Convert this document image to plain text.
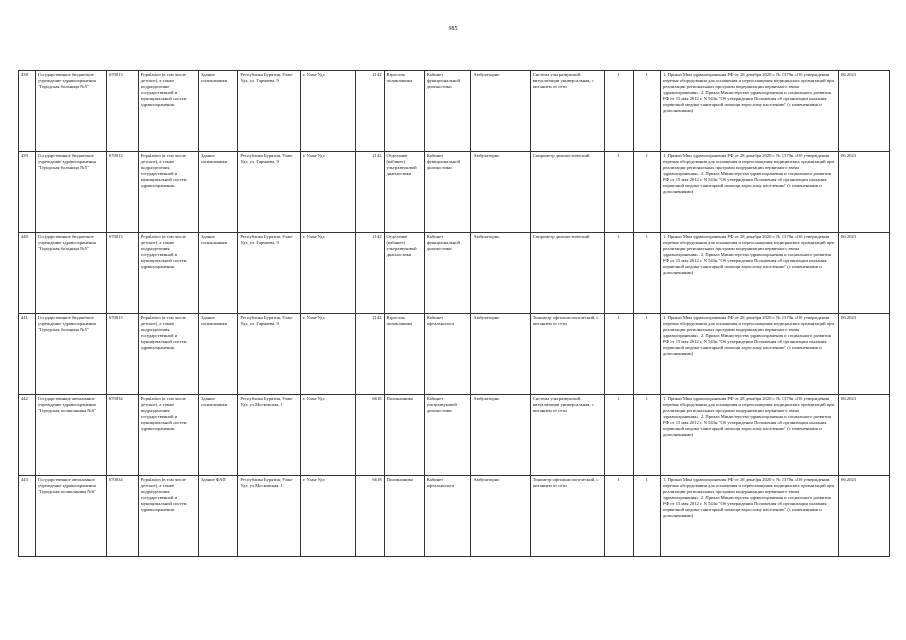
985
438	Государственное бюджетное учреждение здравоохранения "Городская больница №5"	670013	Population (в том числе детское), а также подразделение государственной и муниципальной систем здравоохранения.	Здание поликлиники	Республика Бурятия, Улан-Удэ, ул. Гармаева, 9	г. Улан-Удэ	2142	Взрослая поликлиника	Кабинет функциональной диагностики	Амбулаторно	Система ультразвуковой визуализации универсальная, с питанием от сети	1	1	1. Приказ Мин здравоохранения РФ от 28 декабря 2020 г. № 1379н «Об утверждении перечня оборудования для оснащения и переоснащения медицинских организаций при реализации региональных программ модернизации первичного звена здравоохранения». 2. Приказ Министерства здравоохранения и социального развития РФ от 15 мая 2012 г. N 543н "Об утверждении Положения об организации оказания первичной медико-санитарной помощи взрослому населению" (с изменениями и дополнениями)	06.2023
439	Государственное бюджетное учреждение здравоохранения "Городская больница №5"	670013	Population (в том числе детское), а также подразделения государственной и муниципальной систем здравоохранения.	Здание поликлиники	Республика Бурятия, Улан-Удэ, ул. Гармаева, 9	г. Улан-Удэ	2142	Отделение (кабинет) ультразвуковой диагностики	Кабинет функциональной диагностики	Амбулаторно	Спирометр диагностический	1	1	1. Приказ Мин здравоохранения РФ от 28 декабря 2020 г. № 1379н «Об утверждении перечня оборудования для оснащения и переоснащения медицинских организаций при реализации региональных программ модернизации первичного звена здравоохранения». 2. Приказ Министерства здравоохранения и социального развития РФ от 15 мая 2012 г. N 543н "Об утверждении Положения об организации оказания первичной медико-санитарной помощи взрослому населению" (с изменениями и дополнениями)	06.2023
440	Государственное бюджетное учреждение здравоохранения "Городская больница №5"	670013	Population (в том числе детское), а также подразделения государственной и муниципальной систем здравоохранения.	Здание поликлиники	Республика Бурятия, Улан-Удэ, ул. Гармаева, 9	г. Улан-Удэ	2142	Отделение (кабинет) ультразвуковой диагностики	Кабинет функциональной диагностики	Амбулаторно	Спирометр диагностический	1	1	1. Приказ Мин здравоохранения РФ от 28 декабря 2020 г. № 1379н «Об утверждении перечня оборудования для оснащения и переоснащения медицинских организаций при реализации региональных программ модернизации первичного звена здравоохранения». 2. Приказ Министерства здравоохранения и социального развития РФ от 15 мая 2012 г. N 543н "Об утверждении Положения об организации оказания первичной медико-санитарной помощи взрослому населению" (с изменениями и дополнениями)	06.2023
441	Государственное бюджетное учреждение здравоохранения "Городская больница №5"	670013	Population (в том числе детское), а также подразделения государственной и муниципальной систем здравоохранения.	Здание поликлиники	Республика Бурятия, Улан-Удэ, ул. Гармаева, 9	г. Улан-Удэ	2142	Взрослая поликлиника	Кабинет офтальмолога	Амбулаторно	Тонометр офтальмологический, с питанием от сети	1	1	1. Приказ Мин здравоохранения РФ от 28 декабря 2020 г. № 1379н «Об утверждении перечня оборудования для оснащения и переоснащения медицинских организаций при реализации региональных программ модернизации первичного звена здравоохранения». 2. Приказ Министерства здравоохранения и социального развития РФ от 15 мая 2012 г. N 543н "Об утверждении Положения об организации оказания первичной медико-санитарной помощи взрослому населению" (с изменениями и дополнениями)	06.2023
442	Государственное автономное учреждение здравоохранения "Городская поликлиника №6"	670034	Population (в том числе детское), а также подразделения государственной и муниципальной систем здравоохранения.	Здание поликлиники	Республика Бурятия, Улан-Удэ, ул.Московская, 1	г. Улан-Удэ	6618	Поликлиника	Кабинет ультразвуковой диагностики	Амбулаторно	Система ультразвуковой визуализации универсальная, с питанием от сети	1	1	1. Приказ Мин здравоохранения РФ от 28 декабря 2020 г. № 1379н «Об утверждении перечня оборудования для оснащения и переоснащения медицинских организаций при реализации региональных программ модернизации первичного звена здравоохранения». 2. Приказ Министерства здравоохранения и социального развития РФ от 15 мая 2012 г. N 543н "Об утверждении Положения об организации оказания первичной медико-санитарной помощи взрослому населению" (с изменениями и дополнениями)	06.2023
443	Государственное автономное учреждение здравоохранения "Городская поликлиника №6"	670034	Population (в том числе детское), а также подразделения государственной и муниципальной систем здравоохранения.	Здание ФАП	Республика Бурятия, Улан-Удэ, ул.Московская, 1	г. Улан-Удэ	6618	Поликлиника	Кабинет офтальмолога	Амбулаторно	Тонометр офтальмологический, с питанием от сети	1	1	1. Приказ Мин здравоохранения РФ от 28 декабря 2020 г. № 1379н «Об утверждении перечня оборудования для оснащения и переоснащения медицинских организаций при реализации региональных программ модернизации первичного звена здравоохранения». 2. Приказ Министерства здравоохранения и социального развития РФ от 15 мая 2012 г. N 543н "Об утверждении Положения об организации оказания первичной медико-санитарной помощи взрослому населению" (с изменениями и дополнениями)	06.2023
